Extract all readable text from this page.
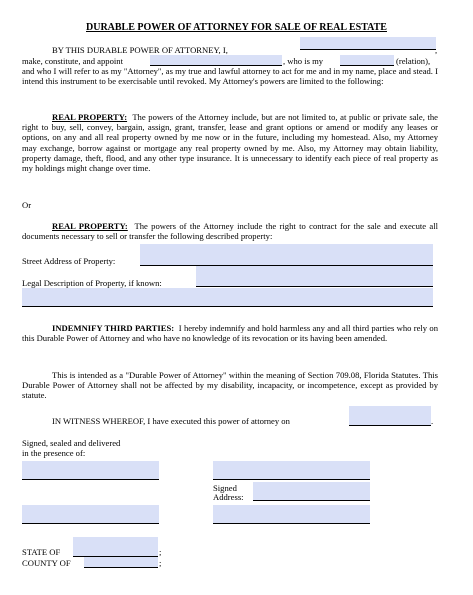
DURABLE POWER OF ATTORNEY FOR SALE OF REAL ESTATE
BY THIS DURABLE POWER OF ATTORNEY, I,	,
make, constitute, and appoint	, who is my	(relation),
and who I will refer to as my "Attorney", as my true and lawful attorney to act for me and in my name, place and stead. I intend this instrument to be exercisable until revoked. My Attorney's powers are limited to the following:
REAL PROPERTY: The powers of the Attorney include, but are not limited to, at public or private sale, the right to buy, sell, convey, bargain, assign, grant, transfer, lease and grant options or amend or modify any leases or options, on any and all real property owned by me now or in the future, including my homestead. Also, my Attorney may exchange, borrow against or mortgage any real property owned by me. Also, my Attorney may obtain liability, property damage, theft, flood, and any other type insurance. It is unnecessary to identify each piece of real property as my holdings might change over time.
Or
REAL PROPERTY: The powers of the Attorney include the right to contract for the sale and execute all documents necessary to sell or transfer the following described property:
Street Address of Property:
Legal Description of Property, if known:
INDEMNIFY THIRD PARTIES: I hereby indemnify and hold harmless any and all third parties who rely on this Durable Power of Attorney and who have no knowledge of its revocation or its having been amended.
This is intended as a "Durable Power of Attorney" within the meaning of Section 709.08, Florida Statutes. This Durable Power of Attorney shall not be affected by my disability, incapacity, or incompetence, except as provided by statute.
IN WITNESS WHEREOF, I have executed this power of attorney on	.
Signed, sealed and delivered
in the presence of:
Signed
Address:
STATE OF	;
COUNTY OF	;
